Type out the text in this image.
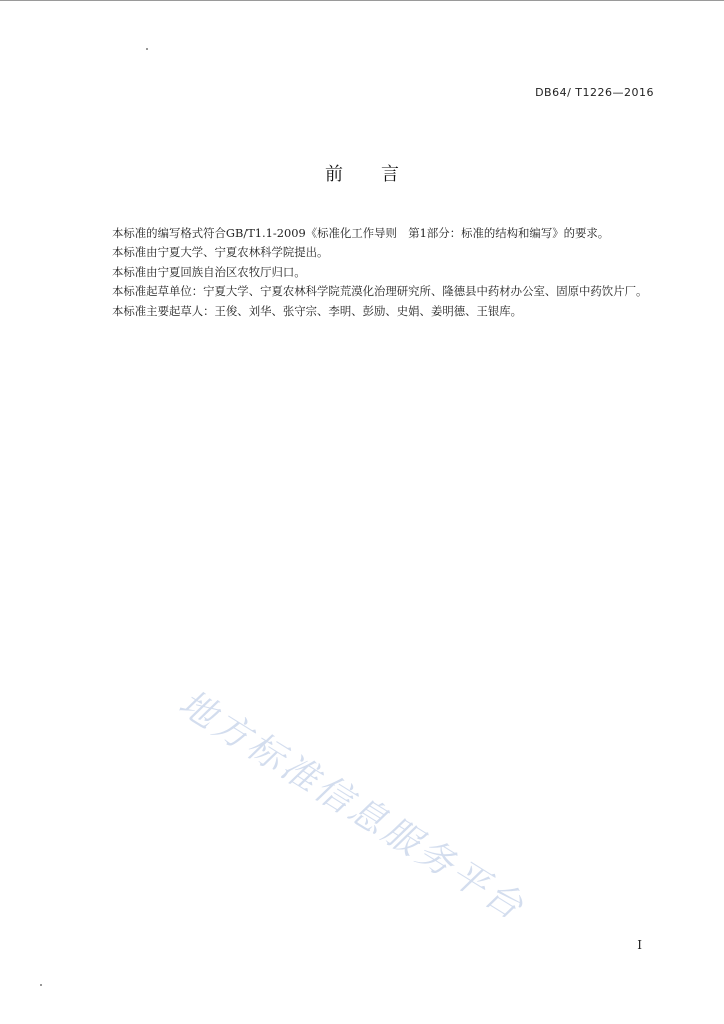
DB64/ T1226—2016
前 言

本标准的编写格式符合GB/T1.1-2009《标准化工作导则　第1部分：标准的结构和编写》的要求。

本标准由宁夏大学、宁夏农林科学院提出。

本标准由宁夏回族自治区农牧厅归口。

本标准起草单位：宁夏大学、宁夏农林科学院荒漠化治理研究所、隆德县中药材办公室、固原中药饮片厂。

本标准主要起草人：王俊、刘华、张守宗、李明、彭励、史娟、姜明德、王银库。

地方标准信息服务平台
I
